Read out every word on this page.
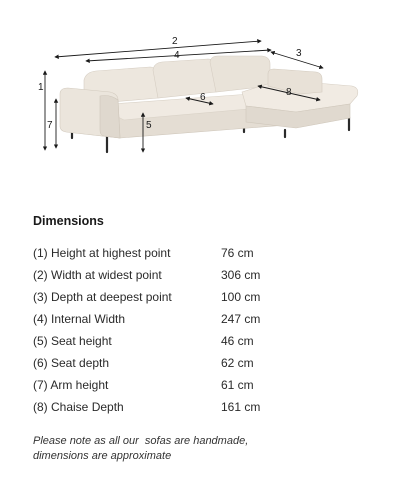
1
2
3
4
5
6
7
8
Dimensions
(1) Height at highest point	76 cm
(2) Width at widest point	306 cm
(3) Depth at deepest point	100 cm
(4) Internal Width	247 cm
(5) Seat height	46 cm
(6) Seat depth	62 cm
(7) Arm height	61 cm
(8) Chaise Depth	161 cm
Please note as all our  sofas are handmade,
dimensions are approximate
